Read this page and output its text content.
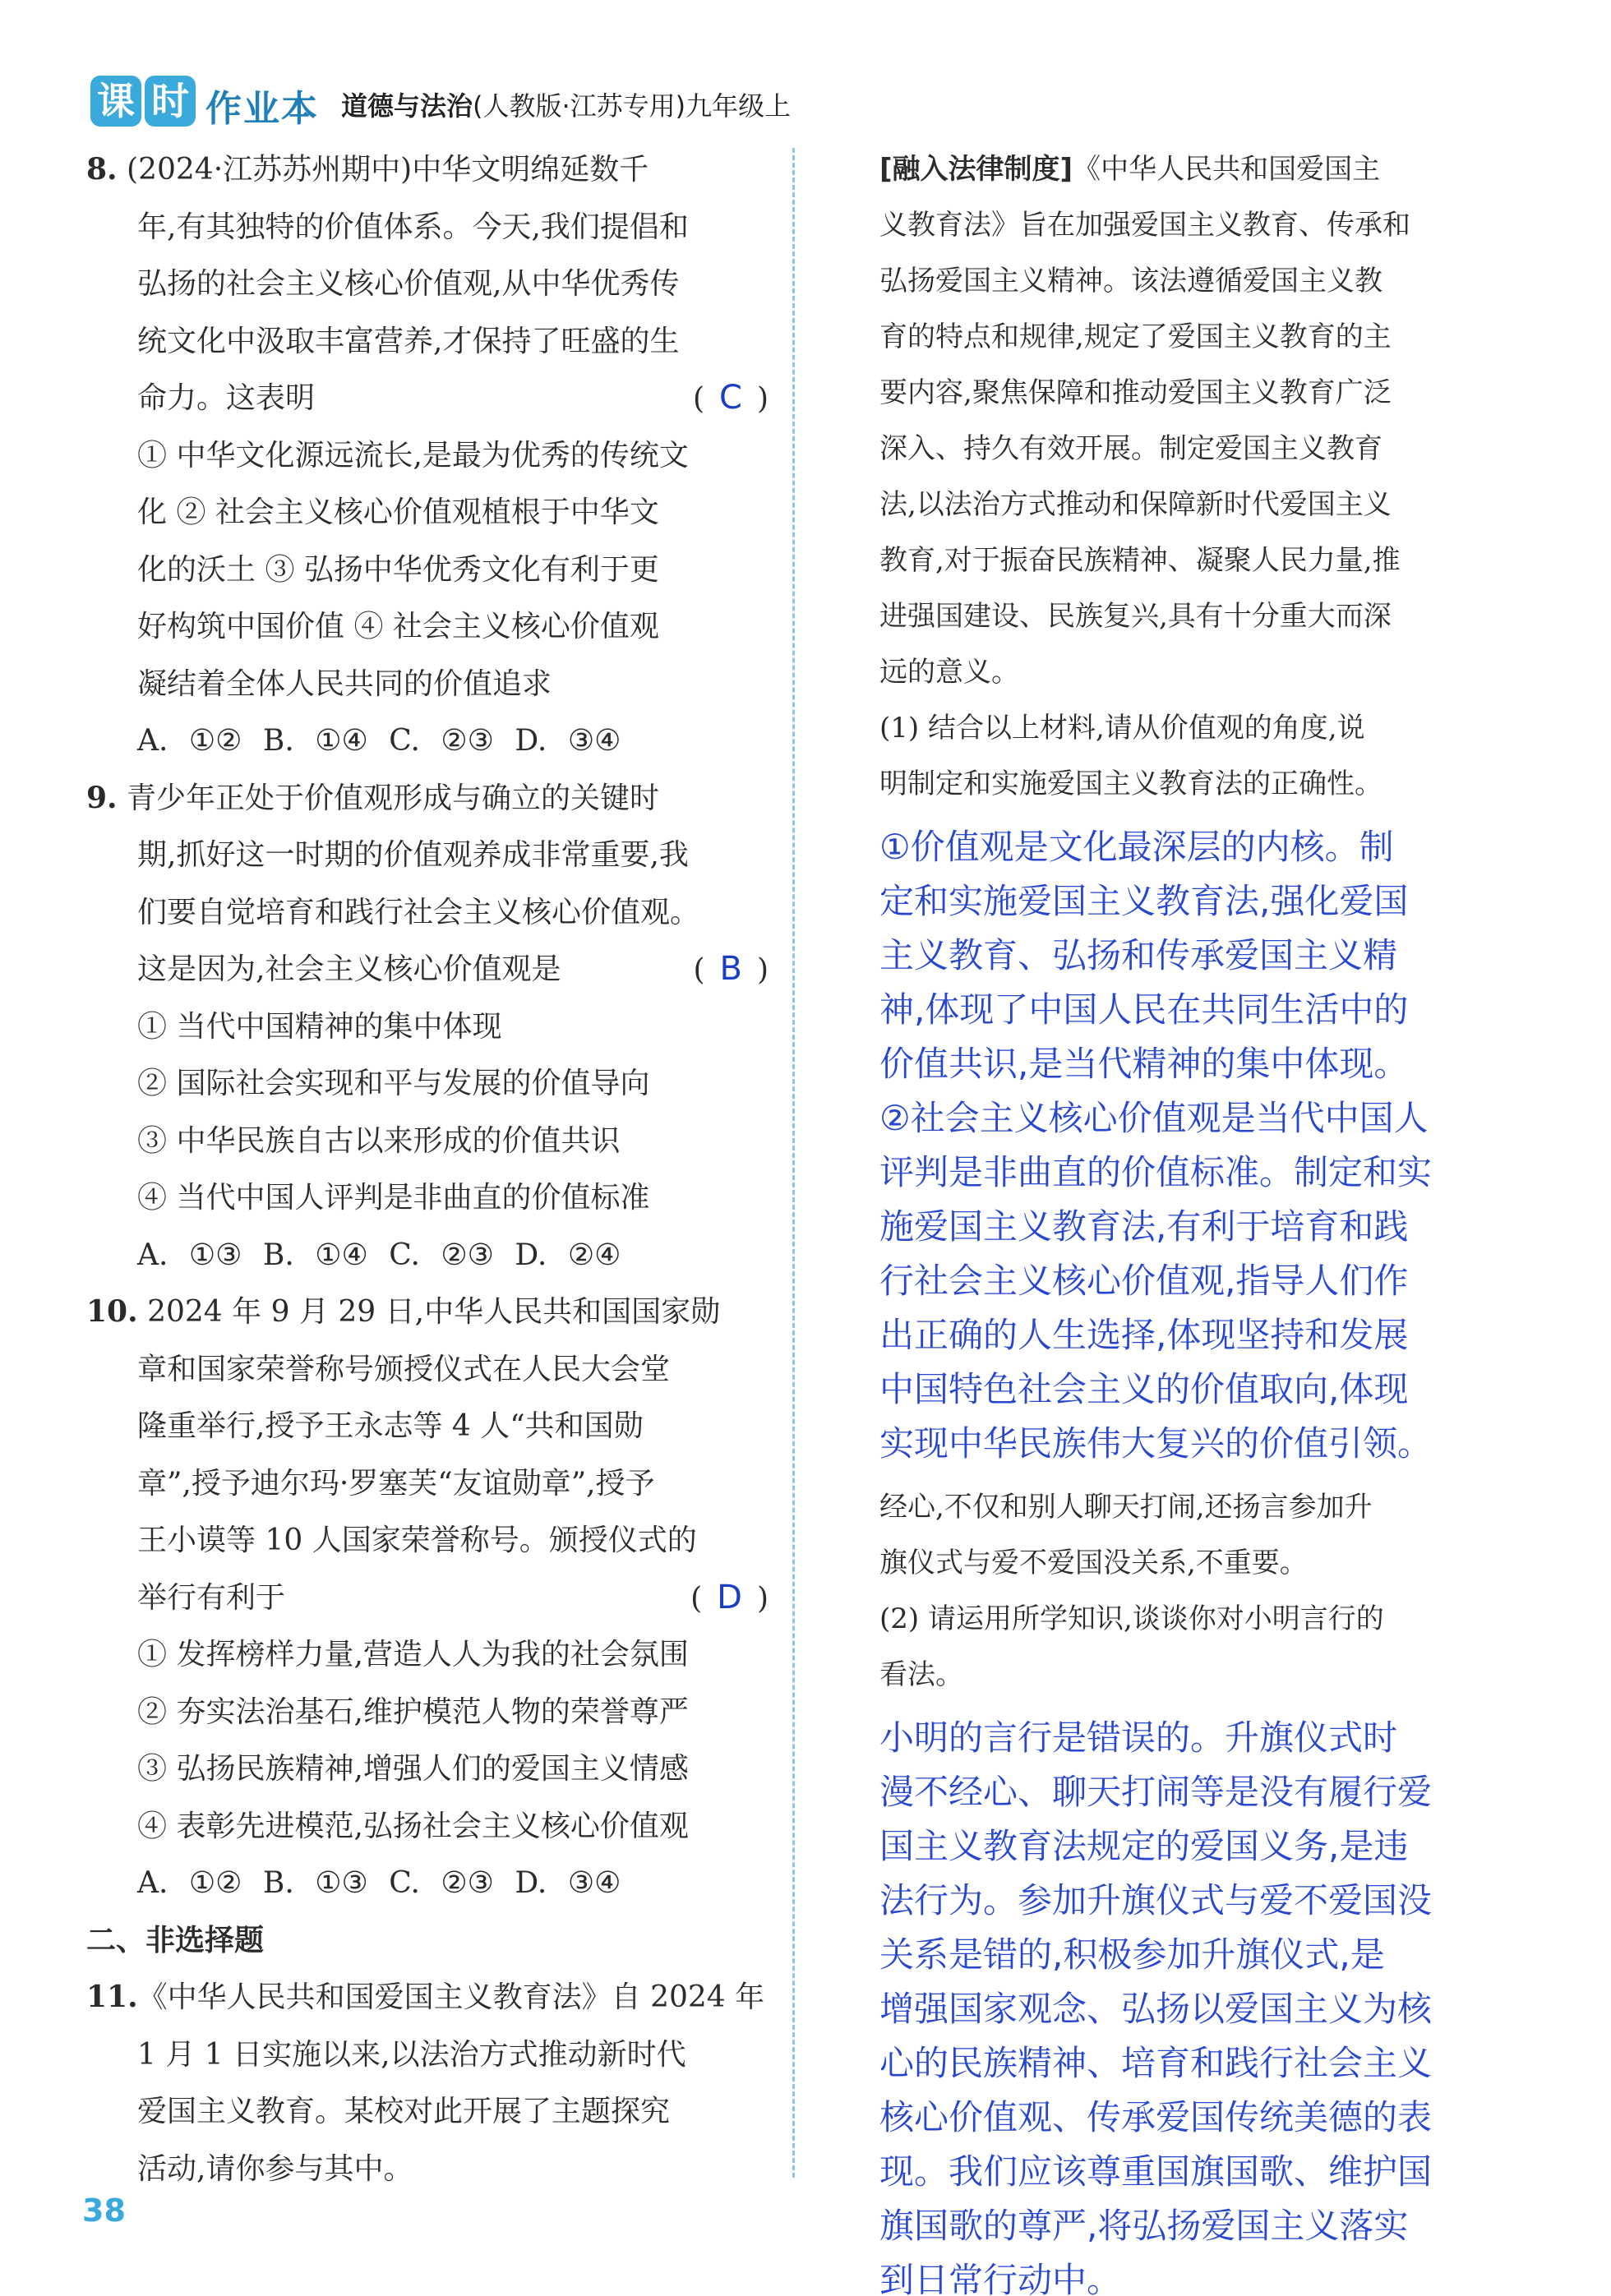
课 时 作业本 道德与法治(人教版·江苏专用)九年级上
8. (2024·江苏苏州期中)中华文明绵延数千
年,有其独特的价值体系。今天,我们提倡和
弘扬的社会主义核心价值观,从中华优秀传
统文化中汲取丰富营养,才保持了旺盛的生
命力。这表明	( C )
① 中华文化源远流长,是最为优秀的传统文
化 ② 社会主义核心价值观植根于中华文
化的沃土 ③ 弘扬中华优秀文化有利于更
好构筑中国价值 ④ 社会主义核心价值观
凝结着全体人民共同的价值追求
A. ①② B. ①④ C. ②③ D. ③④
9. 青少年正处于价值观形成与确立的关键时
期,抓好这一时期的价值观养成非常重要,我
们要自觉培育和践行社会主义核心价值观。
这是因为,社会主义核心价值观是	( B )
① 当代中国精神的集中体现
② 国际社会实现和平与发展的价值导向
③ 中华民族自古以来形成的价值共识
④ 当代中国人评判是非曲直的价值标准
A. ①③ B. ①④ C. ②③ D. ②④
10. 2024 年 9 月 29 日,中华人民共和国国家勋
章和国家荣誉称号颁授仪式在人民大会堂
隆重举行,授予王永志等 4 人“共和国勋
章”,授予迪尔玛·罗塞芙“友谊勋章”,授予
王小谟等 10 人国家荣誉称号。颁授仪式的
举行有利于	( D )
① 发挥榜样力量,营造人人为我的社会氛围
② 夯实法治基石,维护模范人物的荣誉尊严
③ 弘扬民族精神,增强人们的爱国主义情感
④ 表彰先进模范,弘扬社会主义核心价值观
A. ①② B. ①③ C. ②③ D. ③④
二、非选择题
11.《中华人民共和国爱国主义教育法》自 2024 年
1 月 1 日实施以来,以法治方式推动新时代
爱国主义教育。某校对此开展了主题探究
活动,请你参与其中。
[融入法律制度]《中华人民共和国爱国主
义教育法》旨在加强爱国主义教育、传承和
弘扬爱国主义精神。该法遵循爱国主义教
育的特点和规律,规定了爱国主义教育的主
要内容,聚焦保障和推动爱国主义教育广泛
深入、持久有效开展。制定爱国主义教育
法,以法治方式推动和保障新时代爱国主义
教育,对于振奋民族精神、凝聚人民力量,推
进强国建设、民族复兴,具有十分重大而深
远的意义。
(1) 结合以上材料,请从价值观的角度,说
明制定和实施爱国主义教育法的正确性。
①价值观是文化最深层的内核。制
定和实施爱国主义教育法,强化爱国
主义教育、弘扬和传承爱国主义精
神,体现了中国人民在共同生活中的
价值共识,是当代精神的集中体现。
②社会主义核心价值观是当代中国人
评判是非曲直的价值标准。制定和实
施爱国主义教育法,有利于培育和践
行社会主义核心价值观,指导人们作
出正确的人生选择,体现坚持和发展
中国特色社会主义的价值取向,体现
实现中华民族伟大复兴的价值引领。
经心,不仅和别人聊天打闹,还扬言参加升
旗仪式与爱不爱国没关系,不重要。
(2) 请运用所学知识,谈谈你对小明言行的
看法。
小明的言行是错误的。升旗仪式时
漫不经心、聊天打闹等是没有履行爱
国主义教育法规定的爱国义务,是违
法行为。参加升旗仪式与爱不爱国没
关系是错的,积极参加升旗仪式,是
增强国家观念、弘扬以爱国主义为核
心的民族精神、培育和践行社会主义
核心价值观、传承爱国传统美德的表
现。我们应该尊重国旗国歌、维护国
旗国歌的尊严,将弘扬爱国主义落实
到日常行动中。
38
